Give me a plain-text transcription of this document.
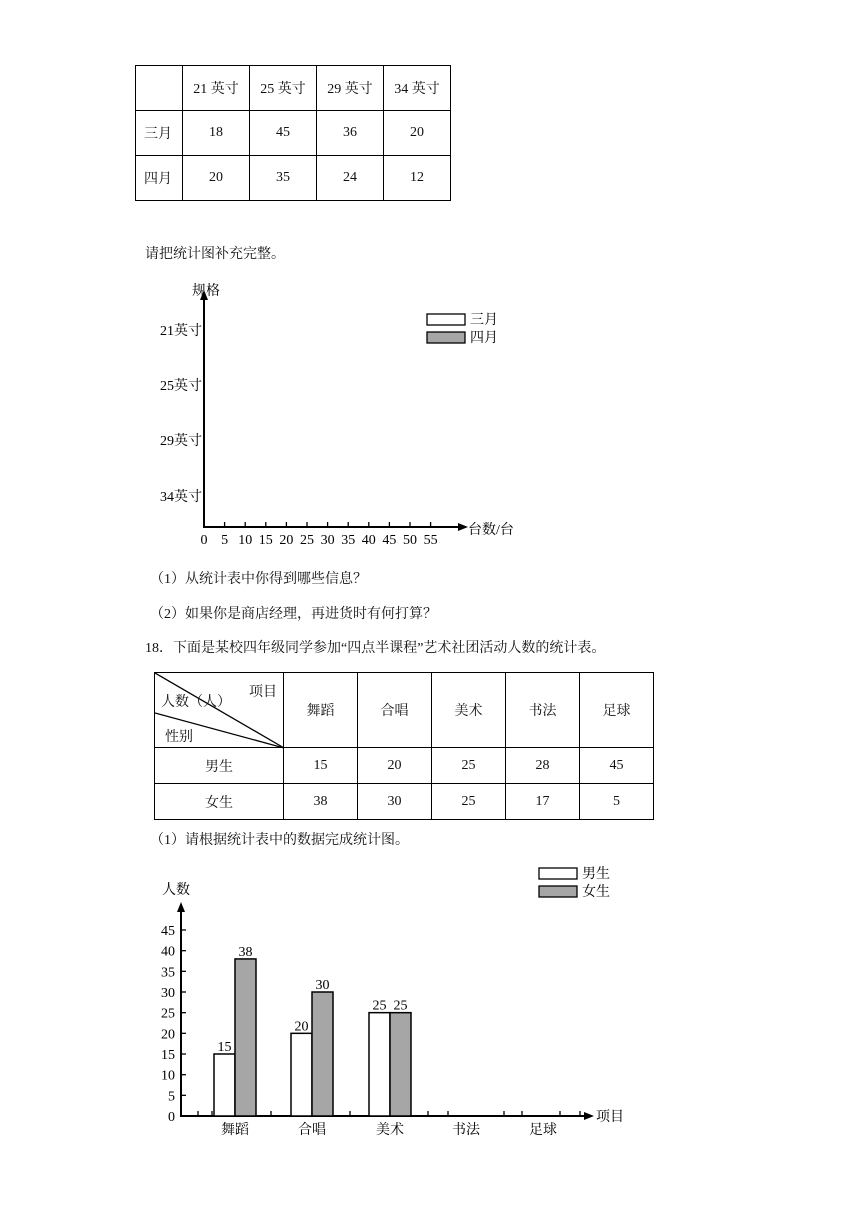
	21 英寸	25 英寸	29 英寸	34 英寸
三月	18	45	36	20
四月	20	35	24	12
请把统计图补充完整。
规格
台数/台
21英寸
25英寸
29英寸
34英寸
0 5 10 15 20 25 30 35 40 45 50 55
三月
四月
（1）从统计表中你得到哪些信息？
（2）如果你是商店经理，再进货时有何打算？
18．下面是某校四年级同学参加“四点半课程”艺术社团活动人数的统计表。
项目
人数（人）
性别	舞蹈	合唱	美术	书法	足球
男生	15	20	25	28	45
女生	38	30	25	17	5
（1）请根据统计表中的数据完成统计图。
人数
项目
0
5
10
15
20
25
30
35
40
45
舞蹈	合唱	美术	书法	足球
15
20
25
38
30
25
男生
女生
